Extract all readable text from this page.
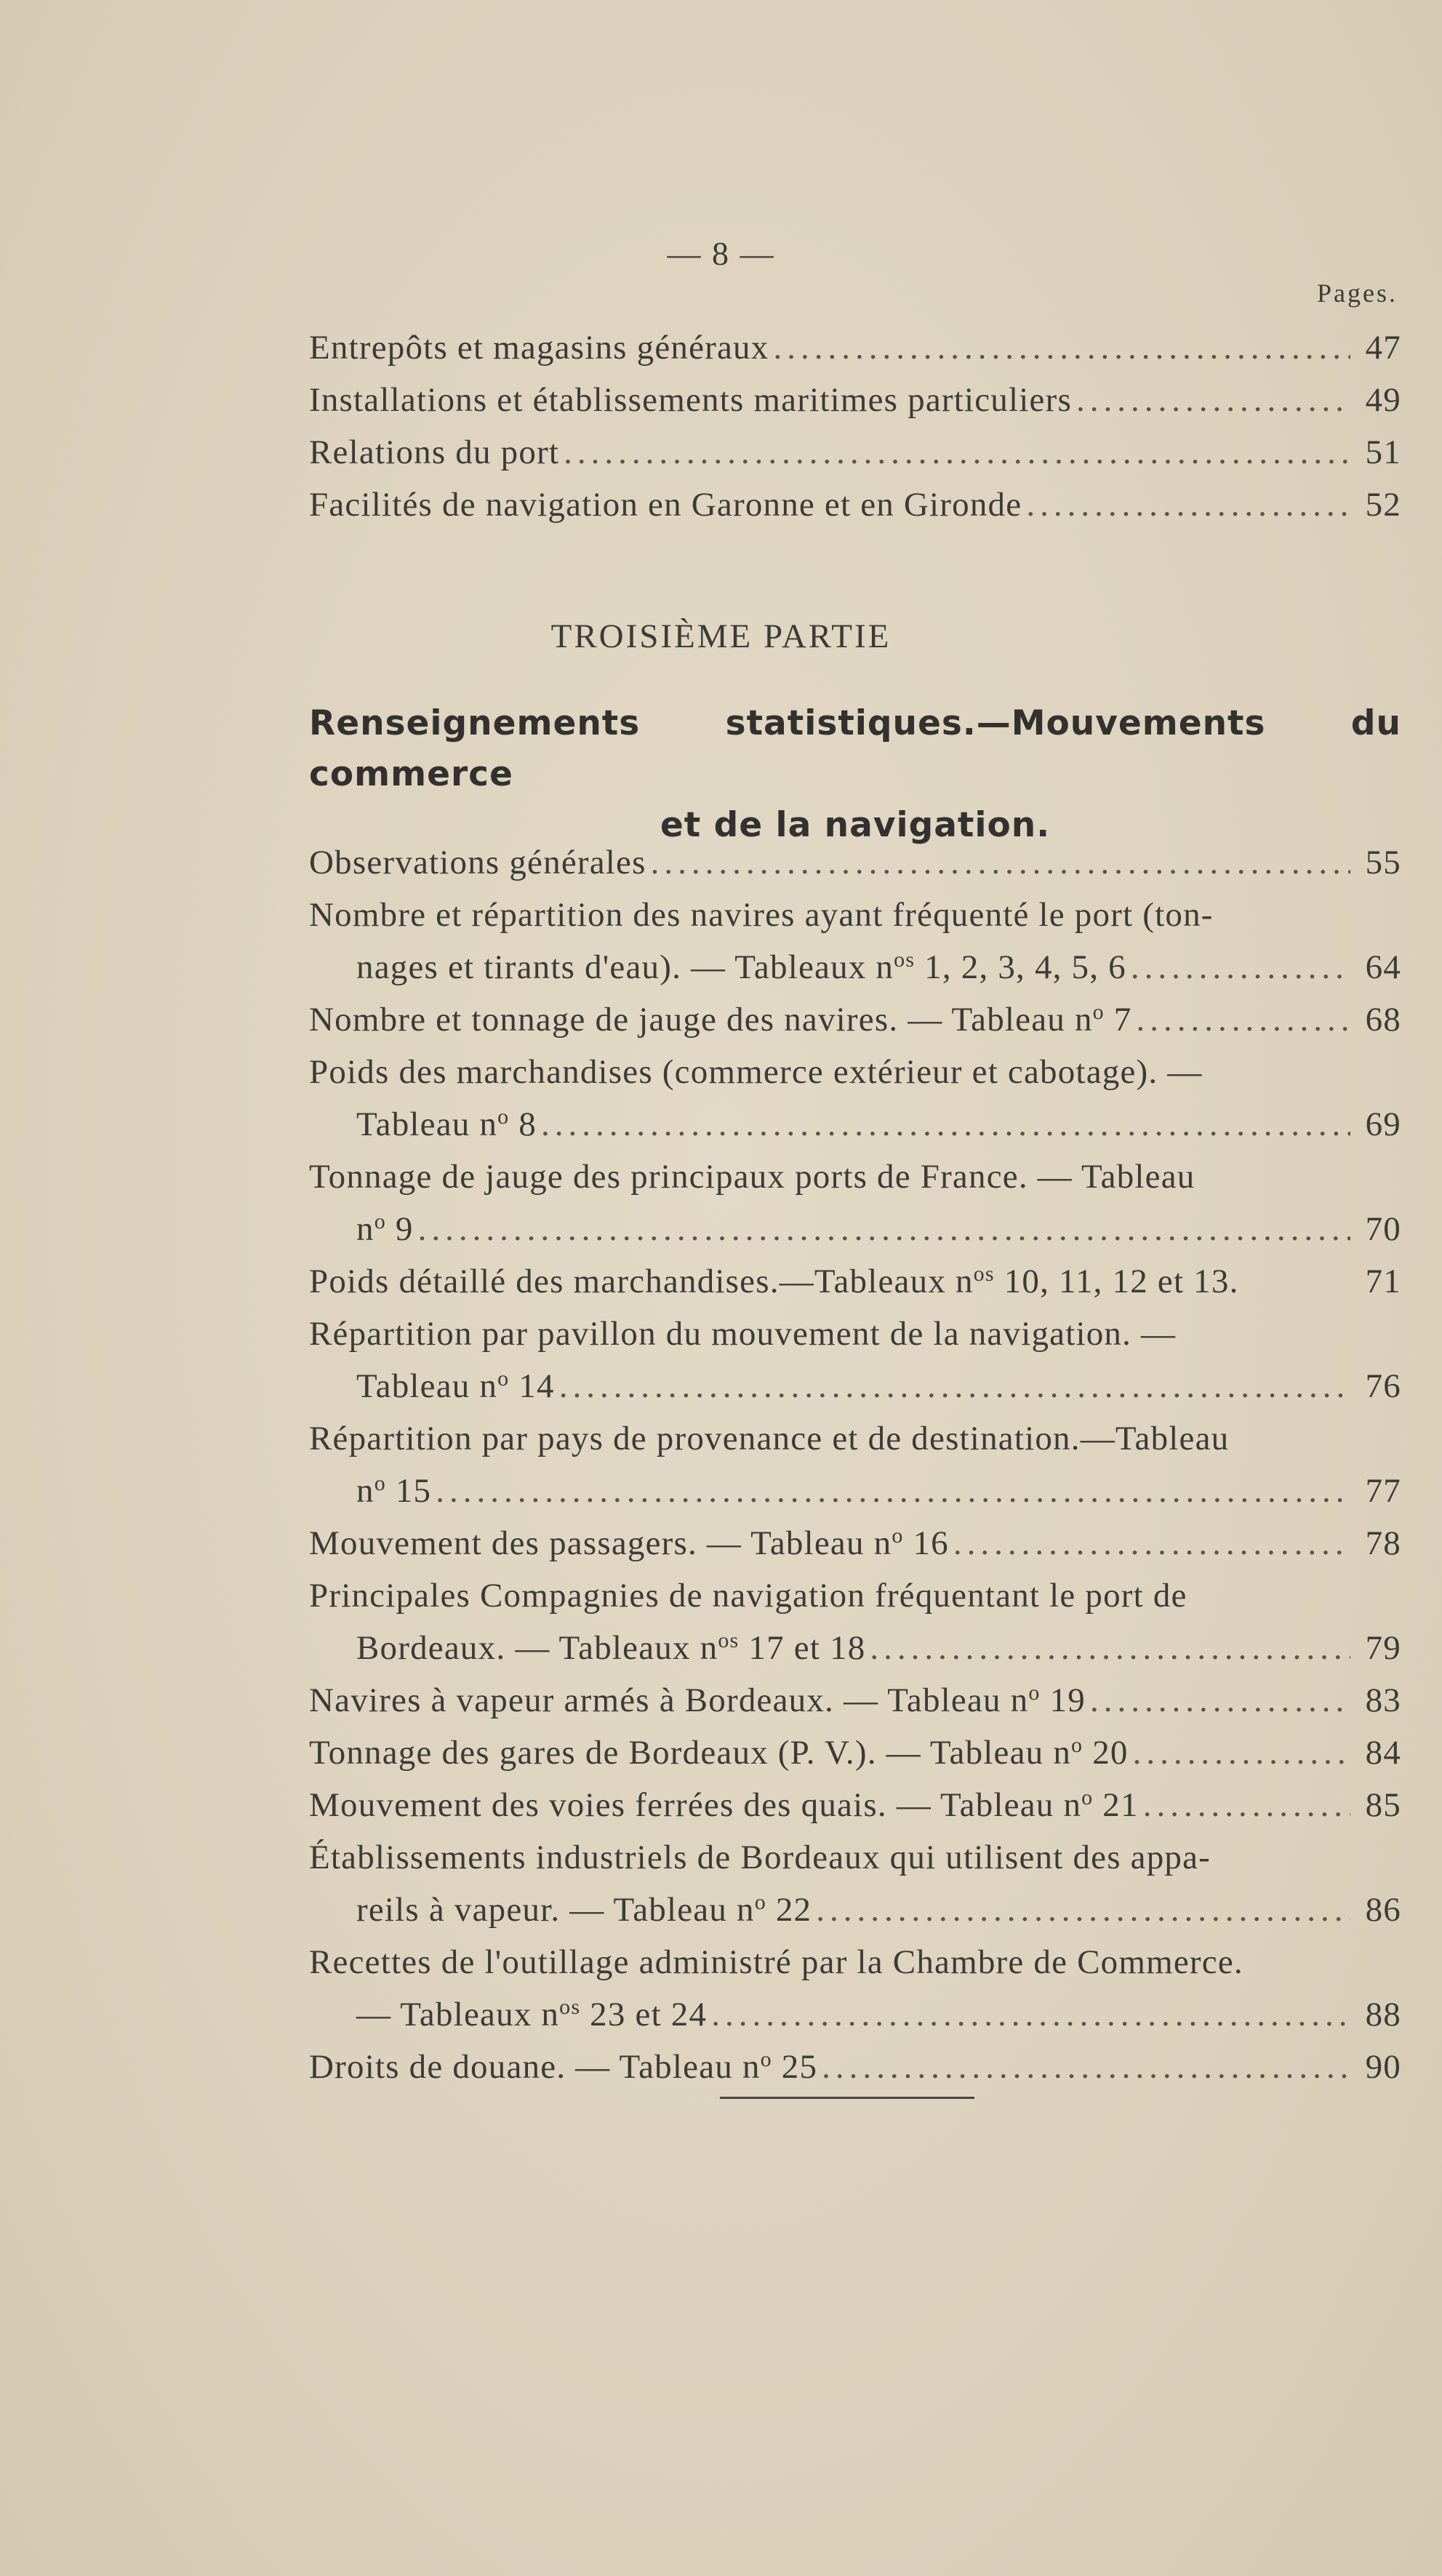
— 8 —
Pages.
Entrepôts et magasins généraux .....	47
Installations et établissements maritimes particuliers .....	49
Relations du port .....	51
Facilités de navigation en Garonne et en Gironde .....	52
TROISIÈME PARTIE
Renseignements statistiques.—Mouvements du commerce
et de la navigation.
Observations générales .....	55
Nombre et répartition des navires ayant fréquenté le port (ton-
nages et tirants d'eau). — Tableaux $n^{os}$ 1, 2, 3, 4, 5, 6 .....	64
Nombre et tonnage de jauge des navires. — Tableau $n^o$ 7 .....	68
Poids des marchandises (commerce extérieur et cabotage). —
Tableau $n^o$ 8 .....	69
Tonnage de jauge des principaux ports de France. — Tableau
$n^o$ 9 .....	70
Poids détaillé des marchandises.—Tableaux $n^{os}$ 10, 11, 12 et 13.	71
Répartition par pavillon du mouvement de la navigation. —
Tableau $n^o$ 14 .....	76
Répartition par pays de provenance et de destination.—Tableau
$n^o$ 15 .....	77
Mouvement des passagers. — Tableau $n^o$ 16 .....	78
Principales Compagnies de navigation fréquentant le port de
Bordeaux. — Tableaux $n^{os}$ 17 et 18 .....	79
Navires à vapeur armés à Bordeaux. — Tableau $n^o$ 19 .....	83
Tonnage des gares de Bordeaux (P. V.). — Tableau $n^o$ 20 .....	84
Mouvement des voies ferrées des quais. — Tableau $n^o$ 21 .....	85
Établissements industriels de Bordeaux qui utilisent des appa-
reils à vapeur. — Tableau $n^o$ 22 .....	86
Recettes de l'outillage administré par la Chambre de Commerce.
— Tableaux $n^{os}$ 23 et 24 .....	88
Droits de douane. — Tableau $n^o$ 25 .....	90
